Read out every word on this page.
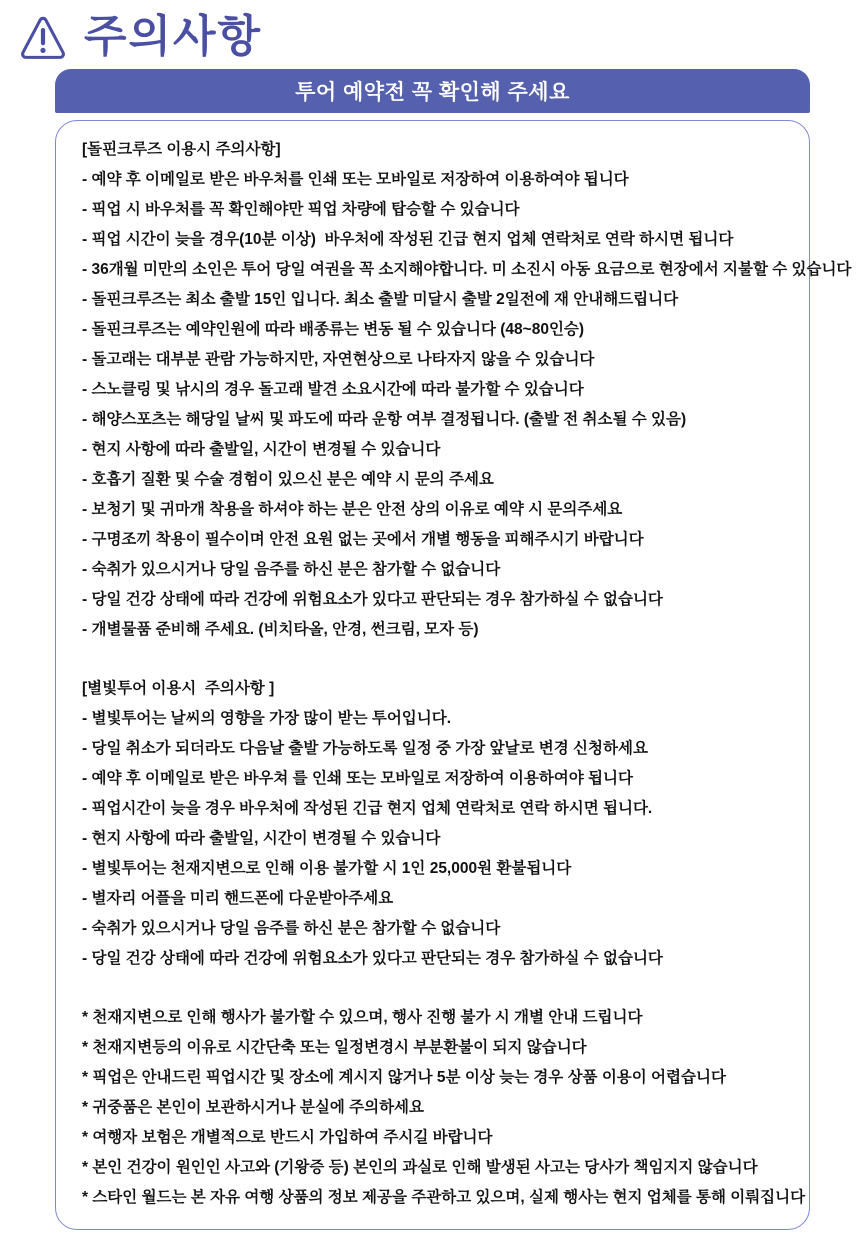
주의사항
투어 예약전 꼭 확인해 주세요
[돌핀크루즈 이용시 주의사항]
- 예약 후 이메일로 받은 바우처를 인쇄 또는 모바일로 저장하여 이용하여야 됩니다
- 픽업 시 바우처를 꼭 확인해야만 픽업 차량에 탑승할 수 있습니다
- 픽업 시간이 늦을 경우(10분 이상)  바우처에 작성된 긴급 현지 업체 연락처로 연락 하시면 됩니다
- 36개월 미만의 소인은 투어 당일 여권을 꼭 소지해야합니다. 미 소진시 아동 요금으로 현장에서 지불할 수 있습니다
- 돌핀크루즈는 최소 출발 15인 입니다. 최소 출발 미달시 출발 2일전에 재 안내해드립니다
- 돌핀크루즈는 예약인원에 따라 배종류는 변동 될 수 있습니다 (48~80인승)
- 돌고래는 대부분 관람 가능하지만, 자연현상으로 나타자지 않을 수 있습니다
- 스노클링 및 낚시의 경우 돌고래 발견 소요시간에 따라 불가할 수 있습니다
- 해양스포츠는 해당일 날씨 및 파도에 따라 운항 여부 결정됩니다. (출발 전 취소될 수 있음)
- 현지 사항에 따라 출발일, 시간이 변경될 수 있습니다
- 호흡기 질환 및 수술 경험이 있으신 분은 예약 시 문의 주세요
- 보청기 및 귀마개 착용을 하셔야 하는 분은 안전 상의 이유로 예약 시 문의주세요
- 구명조끼 착용이 필수이며 안전 요원 없는 곳에서 개별 행동을 피해주시기 바랍니다
- 숙취가 있으시거나 당일 음주를 하신 분은 참가할 수 없습니다
- 당일 건강 상태에 따라 건강에 위험요소가 있다고 판단되는 경우 참가하실 수 없습니다
- 개별물품 준비해 주세요. (비치타올, 안경, 썬크림, 모자 등)
[별빛투어 이용시  주의사항 ]
- 별빛투어는 날씨의 영향을 가장 많이 받는 투어입니다.
- 당일 취소가 되더라도 다음날 출발 가능하도록 일정 중 가장 앞날로 변경 신청하세요
- 예약 후 이메일로 받은 바우쳐 를 인쇄 또는 모바일로 저장하여 이용하여야 됩니다
- 픽업시간이 늦을 경우 바우처에 작성된 긴급 현지 업체 연락처로 연락 하시면 됩니다.
- 현지 사항에 따라 출발일, 시간이 변경될 수 있습니다
- 별빛투어는 천재지변으로 인해 이용 불가할 시 1인 25,000원 환불됩니다
- 별자리 어플을 미리 핸드폰에 다운받아주세요
- 숙취가 있으시거나 당일 음주를 하신 분은 참가할 수 없습니다
- 당일 건강 상태에 따라 건강에 위험요소가 있다고 판단되는 경우 참가하실 수 없습니다
* 천재지변으로 인해 행사가 불가할 수 있으며, 행사 진행 불가 시 개별 안내 드립니다
* 천재지변등의 이유로 시간단축 또는 일정변경시 부분환불이 되지 않습니다
* 픽업은 안내드린 픽업시간 및 장소에 계시지 않거나 5분 이상 늦는 경우 상품 이용이 어렵습니다
* 귀중품은 본인이 보관하시거나 분실에 주의하세요
* 여행자 보험은 개별적으로 반드시 가입하여 주시길 바랍니다
* 본인 건강이 원인인 사고와 (기왕증 등) 본인의 과실로 인해 발생된 사고는 당사가 책임지지 않습니다
* 스타인 월드는 본 자유 여행 상품의 정보 제공을 주관하고 있으며, 실제 행사는 현지 업체를 통해 이뤄집니다
